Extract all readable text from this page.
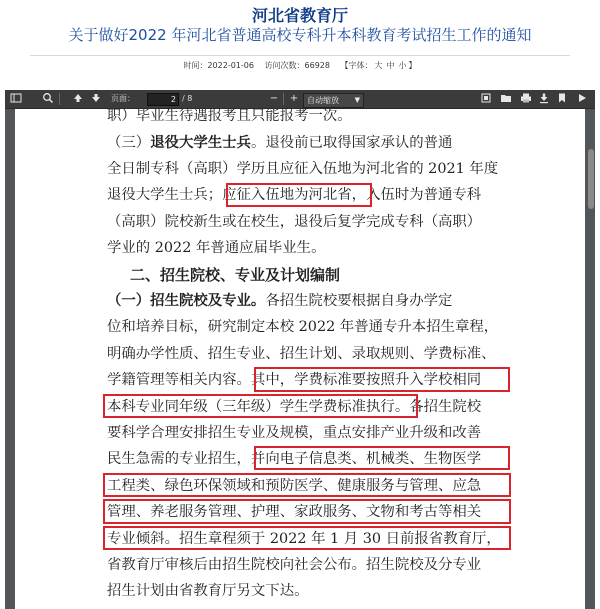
河北省教育厅
关于做好2022 年河北省普通高校专科升本科教育考试招生工作的通知
时间：2022-01-06 访问次数：66928 【字体： 大 中 小 】
页面：
2	/ 8	− +	自动缩放 ▼
职）毕业生待遇报考且只能报考一次。
（三）退役大学生士兵。退役前已取得国家承认的普通
全日制专科（高职）学历且应征入伍地为河北省的 2021 年度
退役大学生士兵；应征入伍地为河北省，入伍时为普通专科
（高职）院校新生或在校生，退役后复学完成专科（高职）
学业的 2022 年普通应届毕业生。
二、招生院校、专业及计划编制
（一）招生院校及专业。各招生院校要根据自身办学定
位和培养目标，研究制定本校 2022 年普通专升本招生章程，
明确办学性质、招生专业、招生计划、录取规则、学费标准、
学籍管理等相关内容。其中，学费标准要按照升入学校相同
本科专业同年级（三年级）学生学费标准执行。各招生院校
要科学合理安排招生专业及规模，重点安排产业升级和改善
民生急需的专业招生，并向电子信息类、机械类、生物医学
工程类、绿色环保领域和预防医学、健康服务与管理、应急
管理、养老服务管理、护理、家政服务、文物和考古等相关
专业倾斜。招生章程须于 2022 年 1 月 30 日前报省教育厅，
省教育厅审核后由招生院校向社会公布。招生院校及分专业
招生计划由省教育厅另文下达。
